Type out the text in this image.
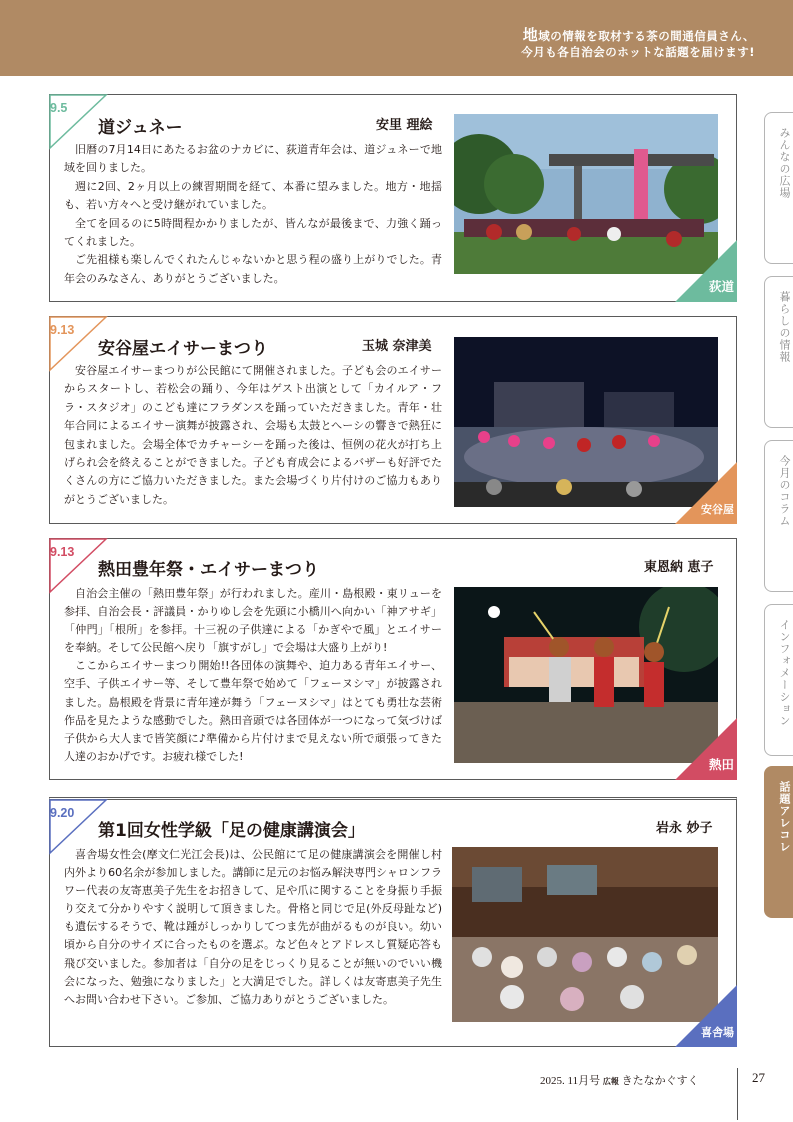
地域の情報を取材する茶の間通信員さん、
今月も各自治会のホットな話題を届けます!
9.5
道ジュネー	安里 理絵

旧暦の7月14日にあたるお盆のナカビに、荻道青年会は、道ジュネーで地域を回りました。

週に2回、2ヶ月以上の練習期間を経て、本番に望みました。地方・地揺も、若い方々へと受け継がれていました。

全てを回るのに5時間程かかりましたが、皆んなが最後まで、力強く踊ってくれました。

ご先祖様も楽しんでくれたんじゃないかと思う程の盛り上がりでした。青年会のみなさん、ありがとうございました。

荻道
9.13
安谷屋エイサーまつり	玉城 奈津美

安谷屋エイサーまつりが公民館にて開催されました。子ども会のエイサーからスタートし、若松会の踊り、今年はゲスト出演として「カイルア・フラ・スタジオ」のこども達にフラダンスを踊っていただきました。青年・壮年合同によるエイサー演舞が披露され、会場も太鼓とへーシの響きで熱狂に包まれました。会場全体でカチャーシーを踊った後は、恒例の花火が打ち上げられ会を終えることができました。子ども育成会によるバザーも好評でたくさんの方にご協力いただきました。また会場づくり片付けのご協力もありがとうございました。

安谷屋
9.13
熱田豊年祭・エイサーまつり	東恩納 恵子

自治会主催の「熱田豊年祭」が行われました。産川・島根殿・東リューを参拝、自治会長・評議員・かりゆし会を先頭に小橋川へ向かい「神アサギ」「仲門」「根所」を参拝。十三祝の子供達による「かぎやで風」とエイサーを奉納。そして公民館へ戻り「旗すがし」で会場は大盛り上がり!

ここからエイサーまつり開始!!各団体の演舞や、迫力ある青年エイサー、空手、子供エイサー等、そして豊年祭で始めて「フェーヌシマ」が披露されました。島根殿を背景に青年達が舞う「フェーヌシマ」はとても勇壮な芸術作品を見たような感動でした。熱田音頭では各団体が一つになって気づけば子供から大人まで皆笑顔に♪準備から片付けまで見えない所で頑張ってきた人達のおかげです。お疲れ様でした!

熱田
9.20
第1回女性学級「足の健康講演会」	岩永 妙子

喜舎場女性会(摩文仁光江会長)は、公民館にて足の健康講演会を開催し村内外より60名余が参加しました。講師に足元のお悩み解決専門シャロンフラワー代表の友寄恵美子先生をお招きして、足や爪に関することを身振り手振り交えて分かりやすく説明して頂きました。骨格と同じで足(外反母趾など)も遺伝するそうで、靴は踵がしっかりしてつま先が曲がるものが良い。幼い頃から自分のサイズに合ったものを選ぶ。など色々とアドレスし質疑応答も飛び交いました。参加者は「自分の足をじっくり見ることが無いのでいい機会になった、勉強になりました」と大満足でした。詳しくは友寄恵美子先生へお問い合わせ下さい。ご参加、ご協力ありがとうございました。

喜舎場
みんなの広場
暮らしの情報
今月のコラム
インフォメーション
話題アレコレ
2025. 11月号 広報 きたなかぐすく	27
